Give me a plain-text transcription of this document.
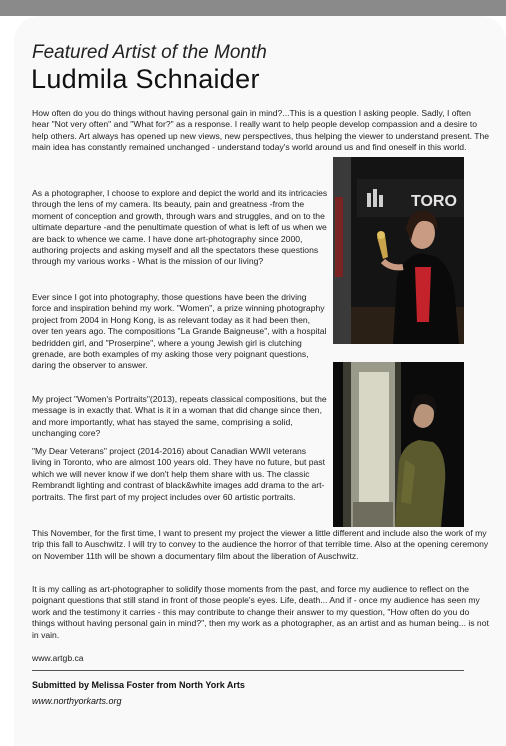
Featured Artist of the Month
Ludmila Schnaider

How often do you do things without having personal gain in mind?...This is a question I asking people. Sadly, I often hear "Not very often" and "What for?" as a response. I really want to help people develop compassion and a desire to help others. Art always has opened up new views, new perspectives, thus helping the viewer to understand present. The main idea has constantly remained unchanged - understand today's world around us and find oneself in this world.

As a photographer, I choose to explore and depict the world and its intricacies through the lens of my camera. Its beauty, pain and greatness -from the moment of conception and growth, through wars and struggles, and on to the ultimate departure -and the penultimate question of what is left of us when we are back to whence we came. I have done art-photography since 2000, authoring projects and asking myself and all the spectators these questions through my various works - What is the mission of our living?

Ever since I got into photography, those questions have been the driving force and inspiration behind my work. "Women", a prize winning photography project from 2004 in Hong Kong, is as relevant today as it had been then, over ten years ago. The compositions "La Grande Baigneuse", with a hospital bedridden girl, and "Proserpine", where a young Jewish girl is clutching grenade, are both examples of my asking those very poignant questions, daring the observer to answer.

My project "Women's Portraits"(2013), repeats classical compositions, but the message is in exactly that. What is it in a woman that did change since then, and more importantly, what has stayed the same, comprising a solid, unchanging core?

"My Dear Veterans" project (2014-2016) about Canadian WWII veterans living in Toronto, who are almost 100 years old. They have no future, but past which we will never know if we don't help them share with us. The classic Rembrandt lighting and contrast of black&white images add drama to the art-portraits. The first part of my project includes over 60 artistic portraits.

This November, for the first time, I want to present my project the viewer a little different and include also the work of my trip this fall to Auschwitz. I will try to convey to the audience the horror of that terrible time. Also at the opening ceremony on November 11th will be shown a documentary film about the liberation of Auschwitz.

It is my calling as art-photographer to solidify those moments from the past, and force my audience to reflect on the poignant questions that still stand in front of those people's eyes. Life, death... And if - once my audience has seen my work and the testimony it carries - this may contribute to change their answer to my question, "How often do you do things without having personal gain in mind?", then my work as a photographer, as an artist and as human being... is not in vain.

www.artgb.ca
TORO
Submitted by Melissa Foster from North York Arts
www.northyorkarts.org
